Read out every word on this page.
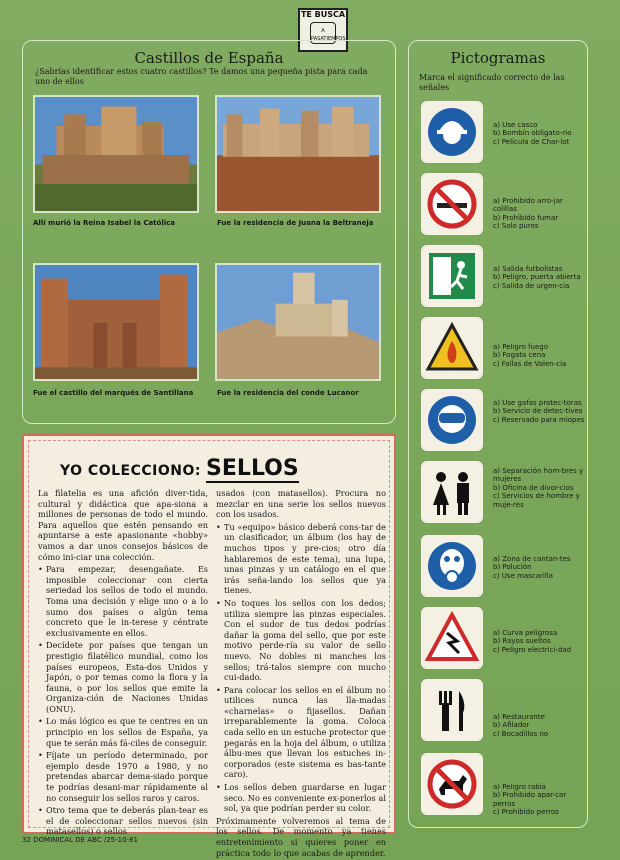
TE BUSCA
A PASATIEMPOS
Castillos de España
¿Sabrías identificar estos cuatro castillos? Te damos una pequeña pista para cada uno de ellos
Allí murió la Reina Isabel la Católica	Fue la residencia de Juana la Beltraneja
Fue el castillo del marqués de Santillana	Fue la residencia del conde Lucanor
Pictogramas
Marca el significado correcto de las señales
a) Use casco
b) Bombín obligato-rio
c) Película de Char-lot
a) Prohibido arro-jar colillas
b) Prohibido fumar
c) Solo puros
a) Salida futbolistas
b) Peligro, puerta abierta
c) Salida de urgen-cia
a) Peligro fuego
b) Fogata cena
c) Fallas de Valen-cia
a) Use gafas protec-toras
b) Servicio de detec-tives
c) Reservado para miopes
a) Separación hom-bres y mujeres
b) Oficina de divor-cios
c) Servicios de hombre y muje-res
a) Zona de cantan-tes
b) Polución
c) Use mascarilla
a) Curva peligrosa
b) Rayos sueltos
c) Peligro electrici-dad
a) Restaurante
b) Afilador
c) Bocadillos no
a) Peligro rabia
b) Prohibido apar-car perros
c) Prohibido perros
YO COLECCIONO: SELLOS

La filatelia es una afición diver-tida, cultural y didáctica que apa-siona a millones de personas de todo el mundo. Para aquellos que estén pensando en apuntarse a este apasionante «hobby» vamos a dar unos consejos básicos de cómo ini-ciar una colección.

• Para empezar, desengañate. Es imposible coleccionar con cierta seriedad los sellos de todo el mundo. Toma una decisión y elige uno o a lo sumo dos países o algún tema concreto que le in-terese y céntrate exclusivamente en ellos.
• Decídete por países que tengan un prestigio filatélico mundial, como los países europeos, Esta-dos Unidos y Japón, o por temas como la flora y la fauna, o por los sellos que emite la Organiza-ción de Naciones Unidas (ONU).
• Lo más lógico es que te centres en un principio en los sellos de España, ya que te serán más fá-ciles de conseguir.
• Fíjate un período determinado, por ejemplo desde 1970 a 1980, y no pretendas abarcar dema-siado porque te podrías desani-mar rápidamente al no conseguir los sellos raros y caros.
• Otro tema que te deberás plan-tear es el de coleccionar sellos nuevos (sin matasellos) o sellos

usados (con matasellos). Procura no mezclar en una serie los sellos nuevos con los usados.

• Tu «equipo» básico deberá cons-tar de un clasificador, un álbum (los hay de muchos tipos y pre-cios; otro día hablaremos de este tema), una lupa, unas pinzas y un catálogo en el que irás seña-lando los sellos que ya tienes.
• No toques los sellos con los dedos; utiliza siempre las pinzas especiales. Con el sudor de tus dedos podrías dañar la goma del sello, que por este motivo perde-ría su valor de sello nuevo. No dobles ni manches los sellos; trá-talos siempre con mucho cui-dado.
• Para colocar los sellos en el álbum no utilices nunca las lla-madas «charnelas» o fijasellos. Dañan irreparablemente la goma. Coloca cada sello en un estuche protector que pegarás en la hoja del álbum, o utiliza álbu-mes que llevan los estuches in-corporados (este sistema es bas-tante caro).
• Los sellos deben guardarse en lugar seco. No es conveniente ex-ponerlos al sol, ya que podrían perder su color.

Próximamente volveremos al tema de los sellos. De momento ya tienes entretenimiento si quieres poner en práctica todo lo que acabas de aprender.

32 DOMINICAL DE ABC /25-10-81
